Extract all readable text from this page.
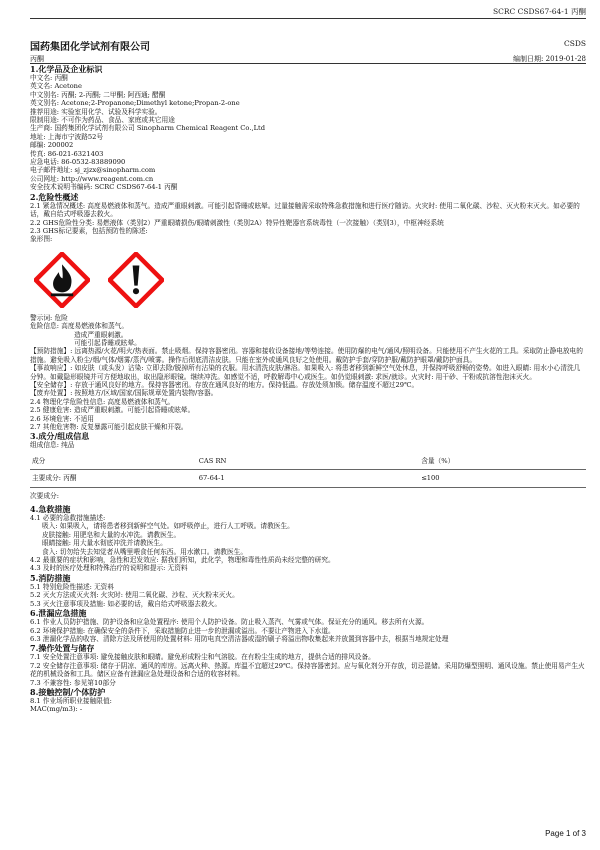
SCRC CSDS67-64-1 丙酮
国药集团化学试剂有限公司	CSDS
丙酮	编制日期: 2019-01-28

1.化学品及企业标识

中文名: 丙酮

英文名: Acetone

中文别名: 丙酮; 2-丙酮; 二甲酮; 阿西通; 醋酮

英文别名: Acetone;2-Propanone;Dimethyl ketone;Propan-2-one

推荐用途: 实验室用化学、试验及科学实验。

限制用途: 不可作为药品、食品、家庭或其它用途

生产商: 国药集团化学试剂有限公司 Sinopharm Chemical Reagent Co.,Ltd

地址: 上海市宁波路52号

邮编: 200002

传真: 86-021-6321403

应急电话: 86-0532-83889090

电子邮件地址: sj_zjzx@sinopharm.com

公司网址: http://www.reagent.com.cn

安全技术说明书编码: SCRC CSDS67-64-1 丙酮

2.危险性概述

2.1 紧急情况概述: 高度易燃液体和蒸气。造成严重眼刺激。可能引起昏睡或眩晕。过量接触需采取特殊急救措施和进行医疗随访。火灾时: 使用二氧化碳、沙粒、灭火粉末灭火。如必要的话，戴自给式呼吸器去救火。

2.2 GHS危险性分类: 易燃液体（类别2）严重眼睛损伤/眼睛刺激性（类别2A）特异性靶器官系统毒性（一次接触）（类别3），中枢神经系统

2.3 GHS标记要素，包括预防性的陈述:

象形图:

警示词: 危险

危险信息: 高度易燃液体和蒸气。

造成严重眼刺激。

可能引起昏睡或眩晕。

【预防措施】: 远离热源/火花/明火/热表面。禁止吸烟。保持容器密闭。容器和接收设备接地/等势连接。使用防爆的电气/通风/照明设备。只能使用不产生火花的工具。采取防止静电放电的措施。避免吸入粉尘/烟/气体/烟雾/蒸汽/喷雾。操作后彻底清洁皮肤。只能在室外或通风良好之处使用。戴防护手套/穿防护服/戴防护眼罩/戴防护面具。

【事故响应】: 如皮肤（或头发）沾染: 立即去除/脱掉所有沾染的衣服。用水清洗皮肤/淋浴。如果吸入: 将患者移到新鲜空气处休息，并保持呼吸舒畅的姿势。如进入眼睛: 用水小心清洗几分钟。如戴隐形眼镜并可方便地取出，取出隐形眼镜。继续冲洗。如感觉不适，呼救解毒中心或医生。如仍觉眼刺激: 求医/就诊。火灾时: 用干砂、干粉或抗溶性泡沫灭火。

【安全储存】: 存放于通风良好的地方。保持容器密闭。存放在通风良好的地方。保持低温。存放处须加锁。储存温度不超过29℃。

【废弃处置】: 按照地方/区域/国家/国际规章处置内装物/容器。

2.4 物理化学危险性信息: 高度易燃液体和蒸气。

2.5 健康危害: 造成严重眼刺激。可能引起昏睡或眩晕。

2.6 环境危害: 不适用

2.7 其他危害物: 反复暴露可能引起皮肤干燥和开裂。

3.成分/组成信息

组成信息: 纯品

成分	CAS RN	含量（%）
主要成分: 丙酮	67-64-1	≤100

次要成分:

4.急救措施

4.1 必要的急救措施描述:

吸入: 如果吸入，请将患者移到新鲜空气处。如呼吸停止，进行人工呼吸。请教医生。

皮肤接触: 用肥皂和大量的水冲洗。请教医生。

眼睛接触: 用大量水彻底冲洗并请教医生。

食入: 切勿给失去知觉者从嘴里喂食任何东西。用水漱口。请教医生。

4.2 最重要的症状和影响，急性和迟发效应: 据我们所知，此化学，物理和毒性性质尚未经完整的研究。

4.3 及时的医疗处理和特殊治疗的说明和提示: 无资料

5.消防措施

5.1 特别危险性描述: 无资料

5.2 灭火方法或灭火剂: 火灾时: 使用二氧化碳、沙粒、灭火粉末灭火。

5.3 灭火注意事项及措施: 如必要的话，戴自给式呼吸器去救火。

6.泄漏应急措施

6.1 作业人员防护措施、防护设备和应急处置程序: 使用个人防护设备。防止吸入蒸汽、气雾或气体。保证充分的通风。移去所有火源。

6.2 环境保护措施: 在确保安全的条件下，采取措施防止进一步的泄漏或溢出。不要让产物进入下水道。

6.3 泄漏化学品的收容、清除方法及所使用的处置材料: 用防电真空清洁器或湿的刷子将溢出物收集起来并放置到容器中去，根据当地规定处理

7.操作处置与储存

7.1 安全处置注意事项: 避免接触皮肤和眼睛。避免形成粉尘和气溶胶。在有粉尘生成的地方，提供合适的排风设备。

7.2 安全储存注意事项: 储存于阴凉、通风的库房。远离火种、热源。库温不宜超过29℃。保持容器密封。应与氧化剂分开存放，切忌混储。采用防爆型照明、通风设施。禁止使用易产生火花的机械设备和工具。储区应备有泄漏应急处理设备和合适的收容材料。

7.3 不兼容性: 参见第10部分

8.接触控制/个体防护

8.1 作业场所职业接触限值:

MAC(mg/m3): -

Page 1 of 3
